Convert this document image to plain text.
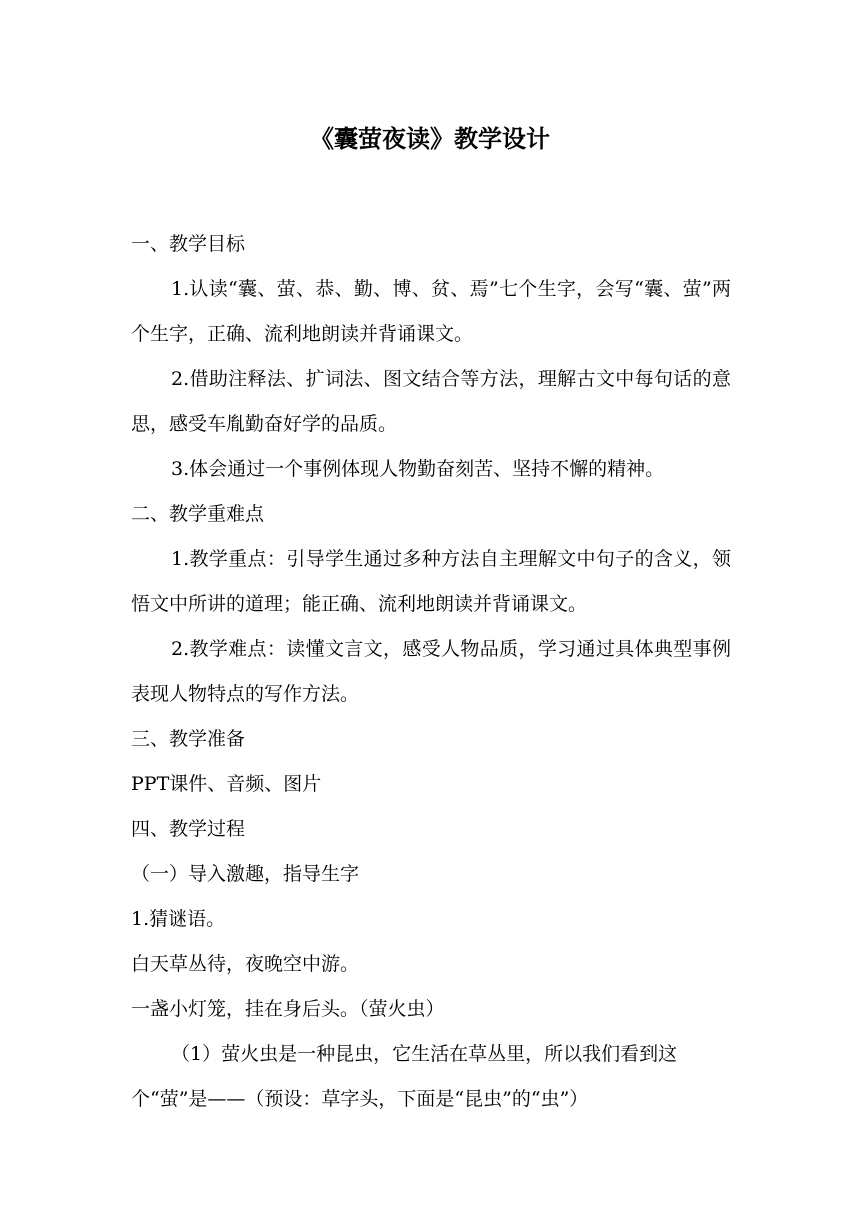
《囊萤夜读》教学设计

一、教学目标

1.认读“囊、萤、恭、勤、博、贫、焉”七个生字，会写“囊、萤”两个生字，正确、流利地朗读并背诵课文。

2.借助注释法、扩词法、图文结合等方法，理解古文中每句话的意思，感受车胤勤奋好学的品质。

3.体会通过一个事例体现人物勤奋刻苦、坚持不懈的精神。

二、教学重难点

1.教学重点：引导学生通过多种方法自主理解文中句子的含义，领悟文中所讲的道理；能正确、流利地朗读并背诵课文。

2.教学难点：读懂文言文，感受人物品质，学习通过具体典型事例表现人物特点的写作方法。

三、教学准备

PPT课件、音频、图片

四、教学过程

（一）导入激趣，指导生字

1.猜谜语。

白天草丛待，夜晚空中游。

一盏小灯笼，挂在身后头。（萤火虫）

（1）萤火虫是一种昆虫，它生活在草丛里，所以我们看到这个“萤”是——（预设：草字头，下面是“昆虫”的“虫”）
